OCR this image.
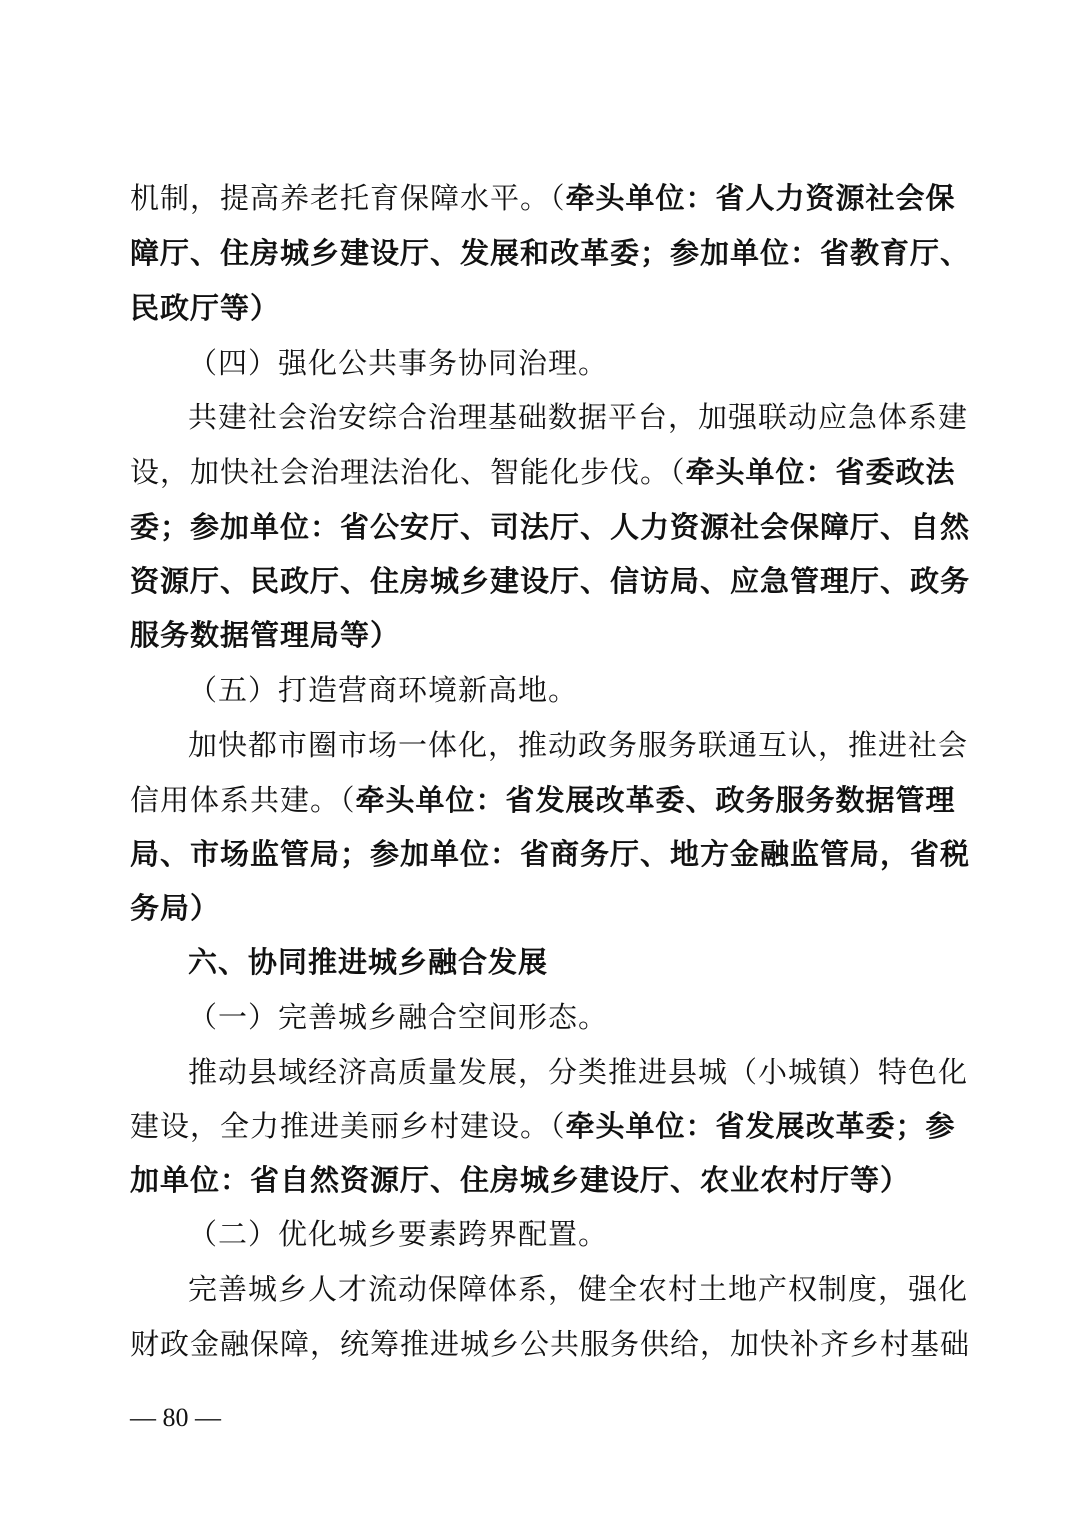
机制，提高养老托育保障水平。（牵头单位：省人力资源社会保
障厅、住房城乡建设厅、发展和改革委；参加单位：省教育厅、
民政厅等）
（四）强化公共事务协同治理。
共建社会治安综合治理基础数据平台，加强联动应急体系建
设，加快社会治理法治化、智能化步伐。（牵头单位：省委政法
委；参加单位：省公安厅、司法厅、人力资源社会保障厅、自然
资源厅、民政厅、住房城乡建设厅、信访局、应急管理厅、政务
服务数据管理局等）
（五）打造营商环境新高地。
加快都市圈市场一体化，推动政务服务联通互认，推进社会
信用体系共建。（牵头单位：省发展改革委、政务服务数据管理
局、市场监管局；参加单位：省商务厅、地方金融监管局，省税
务局）
六、协同推进城乡融合发展
（一）完善城乡融合空间形态。
推动县域经济高质量发展，分类推进县城（小城镇）特色化
建设，全力推进美丽乡村建设。（牵头单位：省发展改革委；参
加单位：省自然资源厅、住房城乡建设厅、农业农村厅等）
（二）优化城乡要素跨界配置。
完善城乡人才流动保障体系，健全农村土地产权制度，强化
财政金融保障，统筹推进城乡公共服务供给，加快补齐乡村基础
— 80 —
